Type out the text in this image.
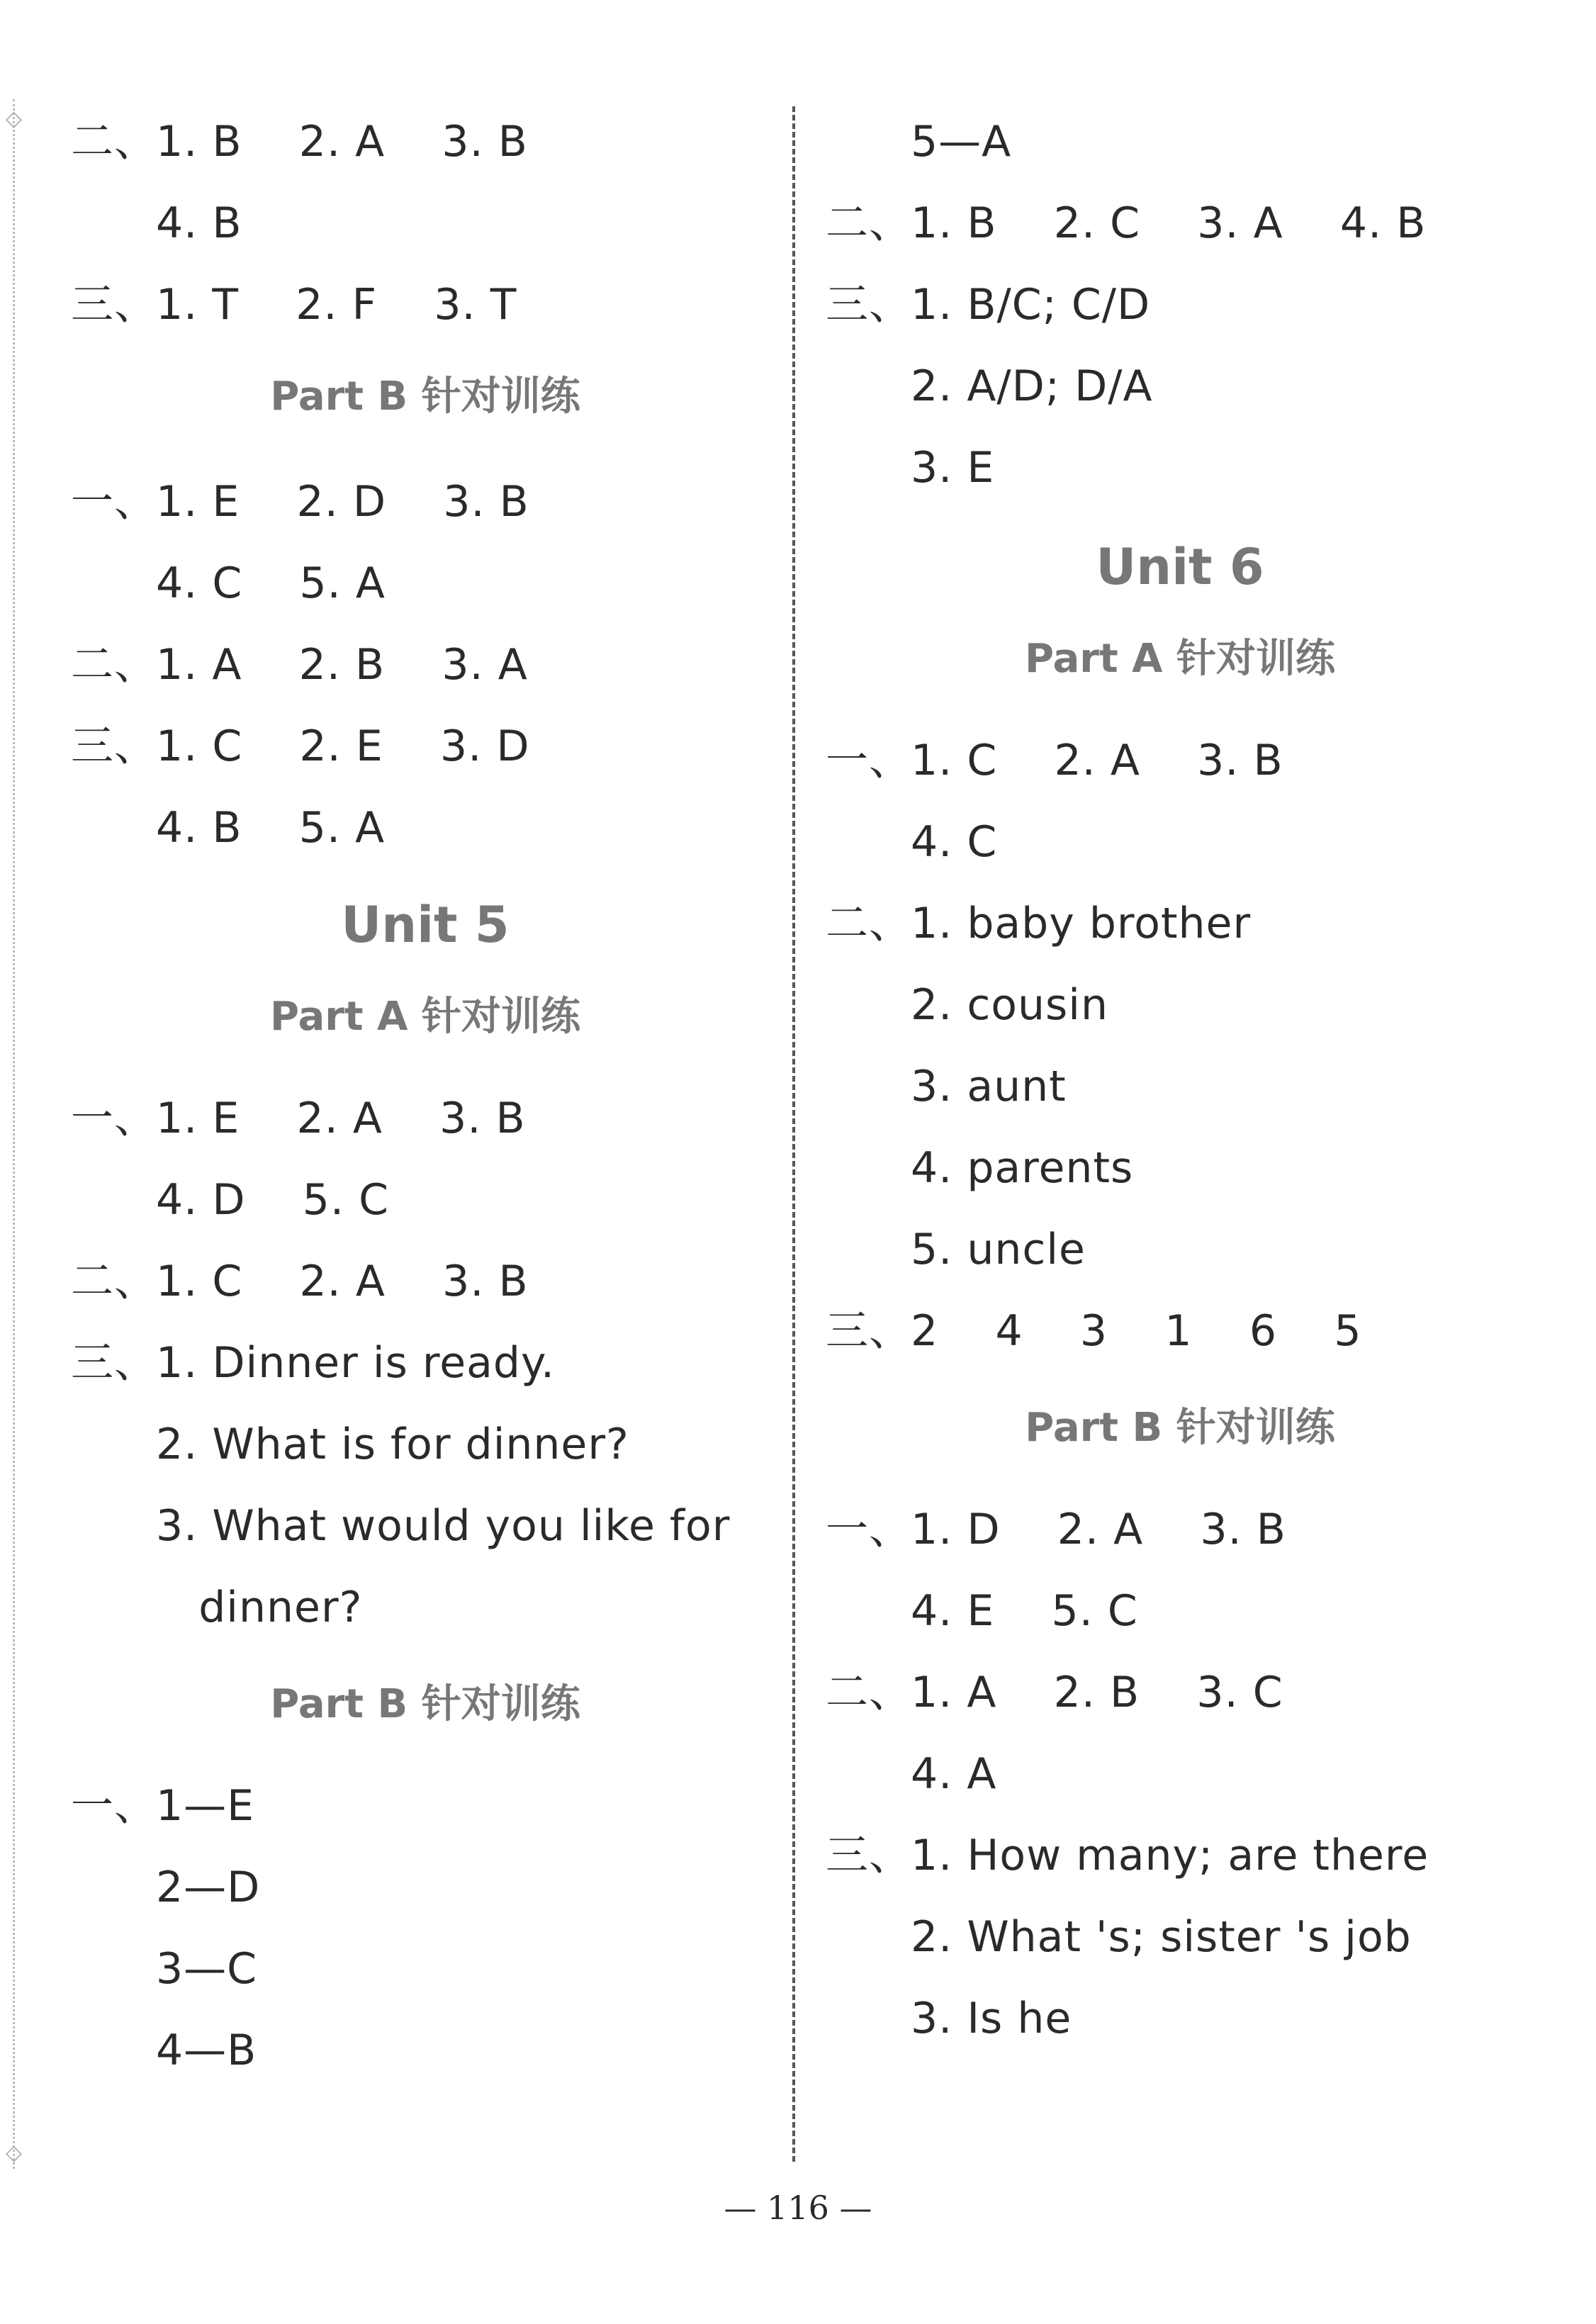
◇
◇
二、1. B    2. A    3. B
4. B
三、1. T    2. F    3. T
Part B 针对训练
一、1. E    2. D    3. B
4. C    5. A
二、1. A    2. B    3. A
三、1. C    2. E    3. D
4. B    5. A
Unit 5
Part A 针对训练
一、1. E    2. A    3. B
4. D    5. C
二、1. C    2. A    3. B
三、1. Dinner is ready.
2. What is for dinner?
3. What would you like for
dinner?
Part B 针对训练
一、1—E
2—D
3—C
4—B
5—A
二、1. B    2. C    3. A    4. B
三、1. B/C; C/D
2. A/D; D/A
3. E
Unit 6
Part A 针对训练
一、1. C    2. A    3. B
4. C
二、1. baby brother
2. cousin
3. aunt
4. parents
5. uncle
三、2    4    3    1    6    5
Part B 针对训练
一、1. D    2. A    3. B
4. E    5. C
二、1. A    2. B    3. C
4. A
三、1. How many; are there
2. What 's; sister 's job
3. Is he
— 116 —
